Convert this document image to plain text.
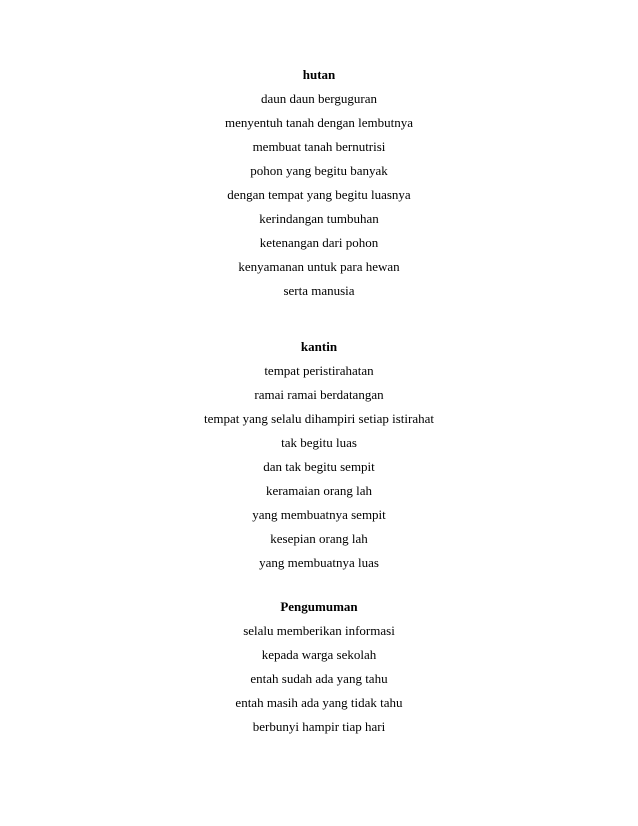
hutan
daun daun berguguran
menyentuh tanah dengan lembutnya
membuat tanah bernutrisi
pohon yang begitu banyak
dengan tempat yang begitu luasnya
kerindangan tumbuhan
ketenangan dari pohon
kenyamanan untuk para hewan
serta manusia
kantin
tempat peristirahatan
ramai ramai berdatangan
tempat yang selalu dihampiri setiap istirahat
tak begitu luas
dan tak begitu sempit
keramaian orang lah
yang membuatnya sempit
kesepian orang lah
yang membuatnya luas
Pengumuman
selalu memberikan informasi
kepada warga sekolah
entah sudah ada yang tahu
entah masih ada yang tidak tahu
berbunyi hampir tiap hari
